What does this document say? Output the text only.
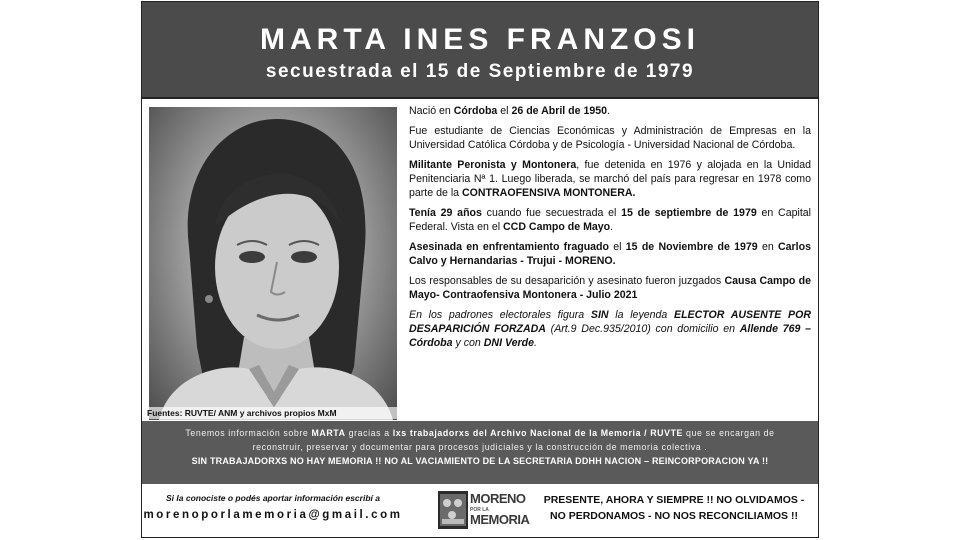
MARTA INES FRANZOSI
secuestrada el 15 de Septiembre de 1979
Fuentes: RUVTE/ ANM y archivos propios MxM

Nació en Córdoba el 26 de Abril de 1950.

Fue estudiante de Ciencias Económicas y Administración de Empresas en la Universidad Católica Córdoba y de Psicología - Universidad Nacional de Córdoba.

Militante Peronista y Montonera, fue detenida en 1976 y alojada en la Unidad Penitenciaria Nª 1. Luego liberada, se marchó del país para regresar en 1978 como parte de la CONTRAOFENSIVA MONTONERA.

Tenía 29 años cuando fue secuestrada el 15 de septiembre de 1979 en Capital Federal. Vista en el CCD Campo de Mayo.

Asesinada en enfrentamiento fraguado el 15 de Noviembre de 1979 en Carlos Calvo y Hernandarias - Trujui - MORENO.

Los responsables de su desaparición y asesinato fueron juzgados Causa Campo de Mayo- Contraofensiva Montonera - Julio 2021

En los padrones electorales figura SIN la leyenda ELECTOR AUSENTE POR DESAPARICIÓN FORZADA (Art.9 Dec.935/2010) con domicilio en Allende 769 – Córdoba y con DNI Verde.

Tenemos información sobre MARTA gracias a lxs trabajadorxs del Archivo Nacional de la Memoria / RUVTE que se encargan de
reconstruir, preservar y documentar para procesos judiciales y la construcción de memoria colectiva .
SIN TRABAJADORXS NO HAY MEMORIA !! NO AL VACIAMIENTO DE LA SECRETARIA DDHH NACION – REINCORPORACION YA !!
Si la conociste o podés aportar información escribí a
morenoporlamemoria@gmail.com
MORENO
POR LA
MEMORIA
PRESENTE, AHORA Y SIEMPRE !! NO OLVIDAMOS -
NO PERDONAMOS - NO NOS RECONCILIAMOS !!
